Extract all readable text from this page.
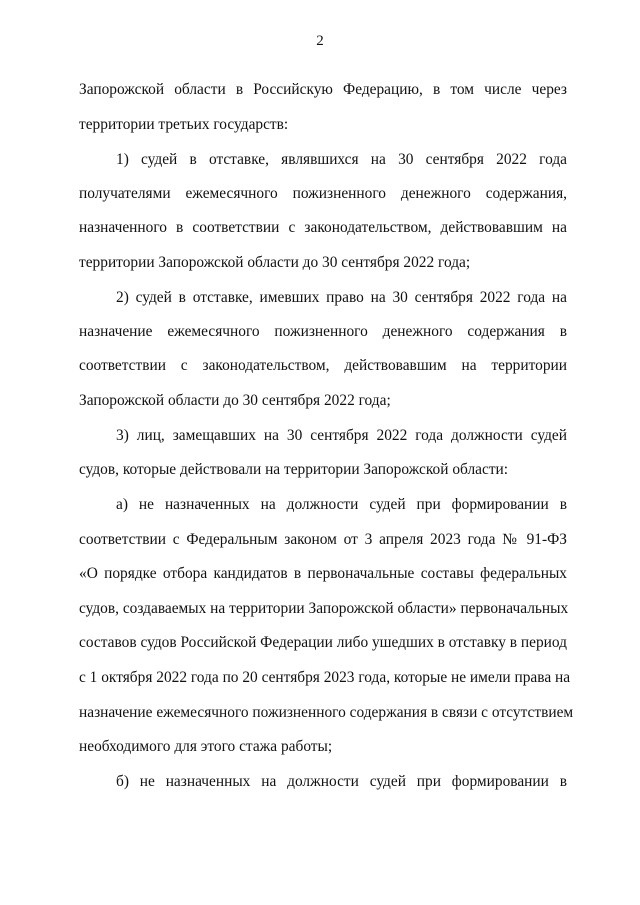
2
Запорожской области в Российскую Федерацию, в том числе через
территории третьих государств:
1) судей в отставке, являвшихся на 30 сентября 2022 года
получателями ежемесячного пожизненного денежного содержания,
назначенного в соответствии с законодательством, действовавшим на
территории Запорожской области до 30 сентября 2022 года;
2) судей в отставке, имевших право на 30 сентября 2022 года на
назначение ежемесячного пожизненного денежного содержания в
соответствии с законодательством, действовавшим на территории
Запорожской области до 30 сентября 2022 года;
3) лиц, замещавших на 30 сентября 2022 года должности судей
судов, которые действовали на территории Запорожской области:
а) не назначенных на должности судей при формировании в
соответствии с Федеральным законом от 3 апреля 2023 года № 91-ФЗ
«О порядке отбора кандидатов в первоначальные составы федеральных
судов, создаваемых на территории Запорожской области» первоначальных
составов судов Российской Федерации либо ушедших в отставку в период
с 1 октября 2022 года по 20 сентября 2023 года, которые не имели права на
назначение ежемесячного пожизненного содержания в связи с отсутствием
необходимого для этого стажа работы;
б) не назначенных на должности судей при формировании в
